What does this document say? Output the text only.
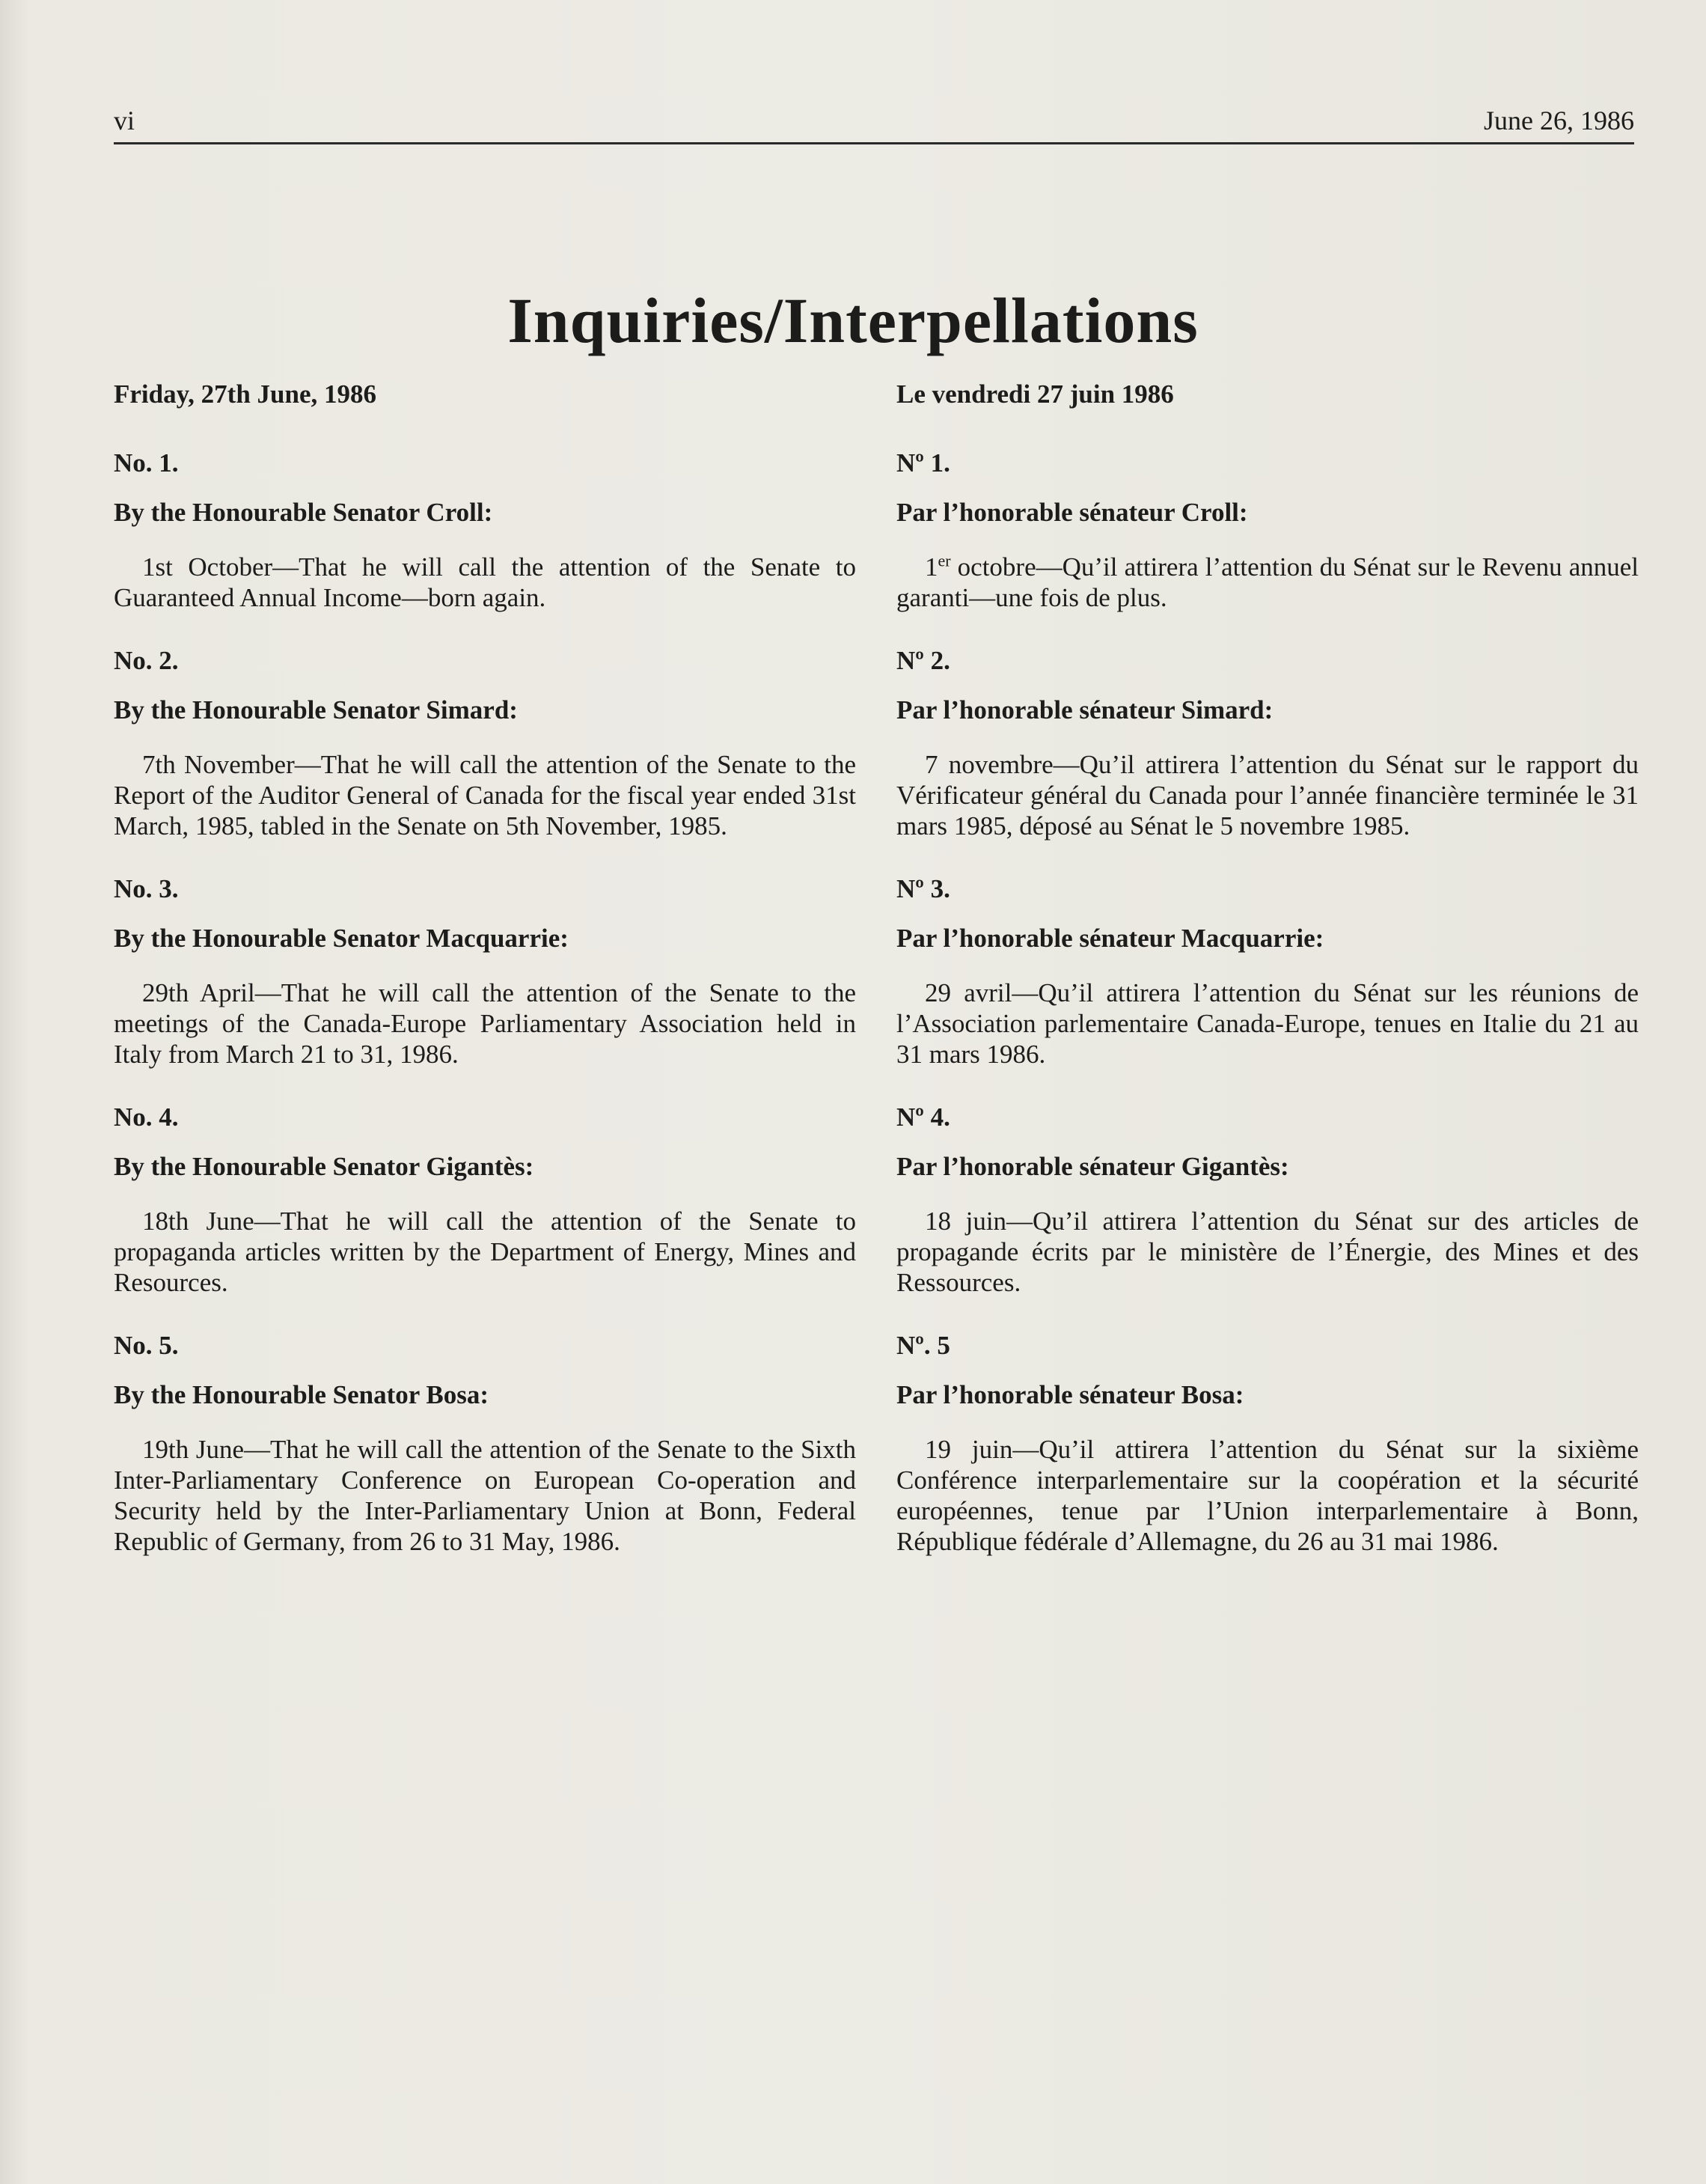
vi	June 26, 1986
Inquiries/Interpellations

Friday, 27th June, 1986

No. 1.

By the Honourable Senator Croll:

1st October—That he will call the attention of the Senate to Guaranteed Annual Income—born again.

No. 2.

By the Honourable Senator Simard:

7th November—That he will call the attention of the Senate to the Report of the Auditor General of Canada for the fiscal year ended 31st March, 1985, tabled in the Senate on 5th November, 1985.

No. 3.

By the Honourable Senator Macquarrie:

29th April—That he will call the attention of the Senate to the meetings of the Canada-Europe Parliamentary Association held in Italy from March 21 to 31, 1986.

No. 4.

By the Honourable Senator Gigantès:

18th June—That he will call the attention of the Senate to propaganda articles written by the Department of Energy, Mines and Resources.

No. 5.

By the Honourable Senator Bosa:

19th June—That he will call the attention of the Senate to the Sixth Inter-Parliamentary Conference on European Co-operation and Security held by the Inter-Parliamentary Union at Bonn, Federal Republic of Germany, from 26 to 31 May, 1986.

Le vendredi 27 juin 1986

Nº 1.

Par l’honorable sénateur Croll:

1er octobre—Qu’il attirera l’attention du Sénat sur le Revenu annuel garanti—une fois de plus.

Nº 2.

Par l’honorable sénateur Simard:

7 novembre—Qu’il attirera l’attention du Sénat sur le rapport du Vérificateur général du Canada pour l’année financière terminée le 31 mars 1985, déposé au Sénat le 5 novembre 1985.

Nº 3.

Par l’honorable sénateur Macquarrie:

29 avril—Qu’il attirera l’attention du Sénat sur les réunions de l’Association parlementaire Canada-Europe, tenues en Italie du 21 au 31 mars 1986.

Nº 4.

Par l’honorable sénateur Gigantès:

18 juin—Qu’il attirera l’attention du Sénat sur des articles de propagande écrits par le ministère de l’Énergie, des Mines et des Ressources.

Nº. 5

Par l’honorable sénateur Bosa:

19 juin—Qu’il attirera l’attention du Sénat sur la sixième Conférence interparlementaire sur la coopération et la sécurité européennes, tenue par l’Union interparlementaire à Bonn, République fédérale d’Allemagne, du 26 au 31 mai 1986.
